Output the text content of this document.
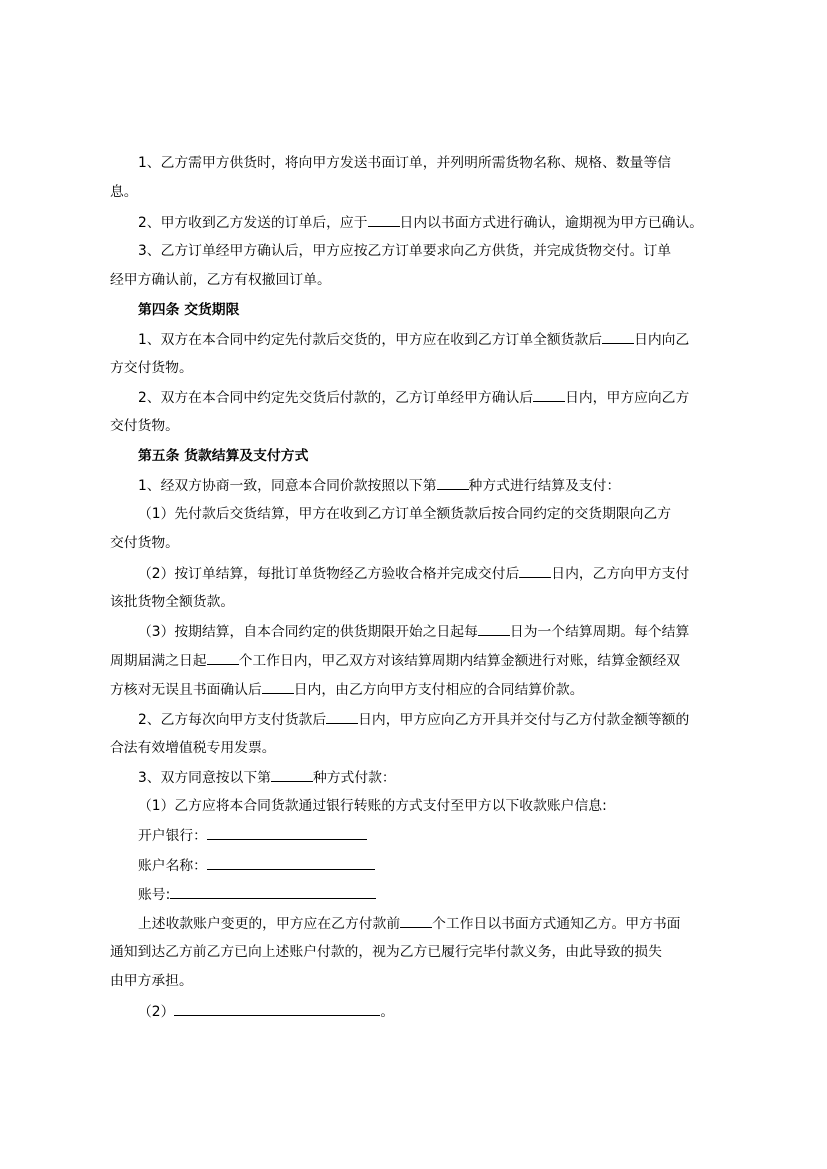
1、乙方需甲方供货时，将向甲方发送书面订单，并列明所需货物名称、规格、数量等信
息。
2、甲方收到乙方发送的订单后，应于 日内以书面方式进行确认，逾期视为甲方已确认。
3、乙方订单经甲方确认后，甲方应按乙方订单要求向乙方供货，并完成货物交付。订单
经甲方确认前，乙方有权撤回订单。
第四条 交货期限
1、双方在本合同中约定先付款后交货的，甲方应在收到乙方订单全额货款后 日内向乙
方交付货物。
2、双方在本合同中约定先交货后付款的，乙方订单经甲方确认后 日内，甲方应向乙方
交付货物。
第五条 货款结算及支付方式
1、经双方协商一致，同意本合同价款按照以下第 种方式进行结算及支付：
（1）先付款后交货结算，甲方在收到乙方订单全额货款后按合同约定的交货期限向乙方
交付货物。
（2）按订单结算，每批订单货物经乙方验收合格并完成交付后 日内，乙方向甲方支付
该批货物全额货款。
（3）按期结算，自本合同约定的供货期限开始之日起每 日为一个结算周期。每个结算
周期届满之日起 个工作日内，甲乙双方对该结算周期内结算金额进行对账，结算金额经双
方核对无误且书面确认后 日内，由乙方向甲方支付相应的合同结算价款。
2、乙方每次向甲方支付货款后 日内，甲方应向乙方开具并交付与乙方付款金额等额的
合法有效增值税专用发票。
3、双方同意按以下第	种方式付款：
（1）乙方应将本合同货款通过银行转账的方式支付至甲方以下收款账户信息:
开户银行：
账户名称：
账号:
上述收款账户变更的，甲方应在乙方付款前 个工作日以书面方式通知乙方。甲方书面
通知到达乙方前乙方已向上述账户付款的，视为乙方已履行完毕付款义务，由此导致的损失
由甲方承担。
（2）	。
